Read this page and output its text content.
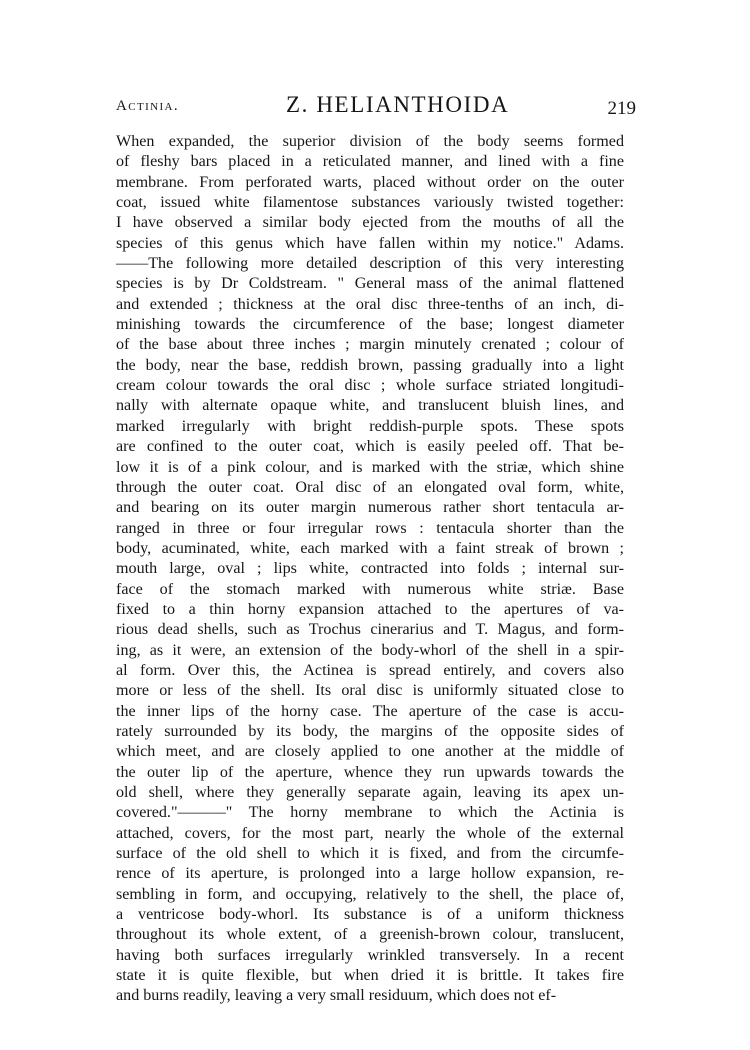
Actinia.	Z. HELIANTHOIDA	219
When expanded, the superior division of the body seems formed
of fleshy bars placed in a reticulated manner, and lined with a fine
membrane. From perforated warts, placed without order on the outer
coat, issued white filamentose substances variously twisted together:
I have observed a similar body ejected from the mouths of all the
species of this genus which have fallen within my notice." Adams.
——The following more detailed description of this very interesting
species is by Dr Coldstream. " General mass of the animal flattened
and extended ; thickness at the oral disc three-tenths of an inch, di-
minishing towards the circumference of the base; longest diameter
of the base about three inches ; margin minutely crenated ; colour of
the body, near the base, reddish brown, passing gradually into a light
cream colour towards the oral disc ; whole surface striated longitudi-
nally with alternate opaque white, and translucent bluish lines, and
marked irregularly with bright reddish-purple spots. These spots
are confined to the outer coat, which is easily peeled off. That be-
low it is of a pink colour, and is marked with the striæ, which shine
through the outer coat. Oral disc of an elongated oval form, white,
and bearing on its outer margin numerous rather short tentacula ar-
ranged in three or four irregular rows : tentacula shorter than the
body, acuminated, white, each marked with a faint streak of brown ;
mouth large, oval ; lips white, contracted into folds ; internal sur-
face of the stomach marked with numerous white striæ. Base
fixed to a thin horny expansion attached to the apertures of va-
rious dead shells, such as Trochus cinerarius and T. Magus, and form-
ing, as it were, an extension of the body-whorl of the shell in a spir-
al form. Over this, the Actinea is spread entirely, and covers also
more or less of the shell. Its oral disc is uniformly situated close to
the inner lips of the horny case. The aperture of the case is accu-
rately surrounded by its body, the margins of the opposite sides of
which meet, and are closely applied to one another at the middle of
the outer lip of the aperture, whence they run upwards towards the
old shell, where they generally separate again, leaving its apex un-
covered."———" The horny membrane to which the Actinia is
attached, covers, for the most part, nearly the whole of the external
surface of the old shell to which it is fixed, and from the circumfe-
rence of its aperture, is prolonged into a large hollow expansion, re-
sembling in form, and occupying, relatively to the shell, the place of,
a ventricose body-whorl. Its substance is of a uniform thickness
throughout its whole extent, of a greenish-brown colour, translucent,
having both surfaces irregularly wrinkled transversely. In a recent
state it is quite flexible, but when dried it is brittle. It takes fire
and burns readily, leaving a very small residuum, which does not ef-
